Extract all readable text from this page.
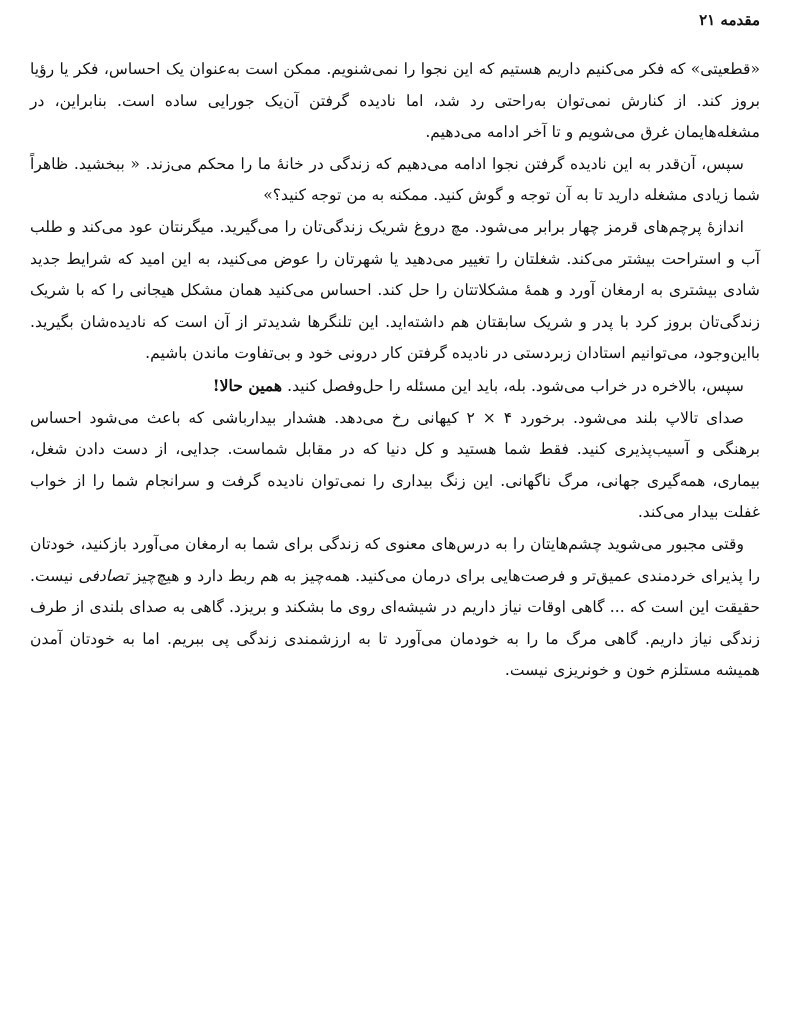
مقدمه ۲۱

«قطعیتی» که فکر می‌کنیم داریم هستیم که این نجوا را نمی‌شنویم. ممکن است به‌عنوان یک احساس، فکر یا رؤیا بروز کند. از کنارش نمی‌توان به‌راحتی رد شد، اما نادیده گرفتن آن‌یک جورایی ساده است. بنابراین، در مشغله‌هایمان غرق می‌شویم و تا آخر ادامه می‌دهیم.

سپس، آن‌قدر به این نادیده گرفتن نجوا ادامه می‌دهیم که زندگی در خانهٔ ما را محکم می‌زند. « ببخشید. ظاهراً شما زیادی مشغله دارید تا به آن توجه و گوش کنید. ممکنه به من توجه کنید؟»

اندازهٔ پرچم‌های قرمز چهار برابر می‌شود. مچ دروغ شریک زندگی‌تان را می‌گیرید. میگرنتان عود می‌کند و طلب آب و استراحت بیشتر می‌کند. شغلتان را تغییر می‌دهید یا شهرتان را عوض می‌کنید، به این امید که شرایط جدید شادی بیشتری به ارمغان آورد و همهٔ مشکلاتتان را حل کند. احساس می‌کنید همان مشکل هیجانی را که با شریک زندگی‌تان بروز کرد با پدر و شریک سابقتان هم داشته‌اید. این تلنگرها شدیدتر از آن است که نادیده‌شان بگیرید. بااین‌وجود، می‌توانیم استادان زبردستی در نادیده گرفتن کار درونی خود و بی‌تفاوت ماندن باشیم.

سپس، بالاخره در خراب می‌شود. بله، باید این مسئله را حل‌وفصل کنید. همین حالا!

صدای تالاپ بلند می‌شود. برخورد ۴ × ۲ کیهانی رخ می‌دهد. هشدار بیدارباشی که باعث می‌شود احساس برهنگی و آسیب‌پذیری کنید. فقط شما هستید و کل دنیا که در مقابل شماست. جدایی، از دست دادن شغل، بیماری، همه‌گیری جهانی، مرگ ناگهانی. این زنگ بیداری را نمی‌توان نادیده گرفت و سرانجام شما را از خواب غفلت بیدار می‌کند.

وقتی مجبور می‌شوید چشم‌هایتان را به درس‌های معنوی که زندگی برای شما به ارمغان می‌آورد بازکنید، خودتان را پذیرای خردمندی عمیق‌تر و فرصت‌هایی برای درمان می‌کنید. همه‌چیز به هم ربط دارد و هیچ‌چیز تصادفی نیست. حقیقت این است که ... گاهی اوقات نیاز داریم در شیشه‌ای روی ما بشکند و بریزد. گاهی به صدای بلندی از طرف زندگی نیاز داریم. گاهی مرگ ما را به خودمان می‌آورد تا به ارزشمندی زندگی پی ببریم. اما به خودتان آمدن همیشه مستلزم خون و خونریزی نیست.
